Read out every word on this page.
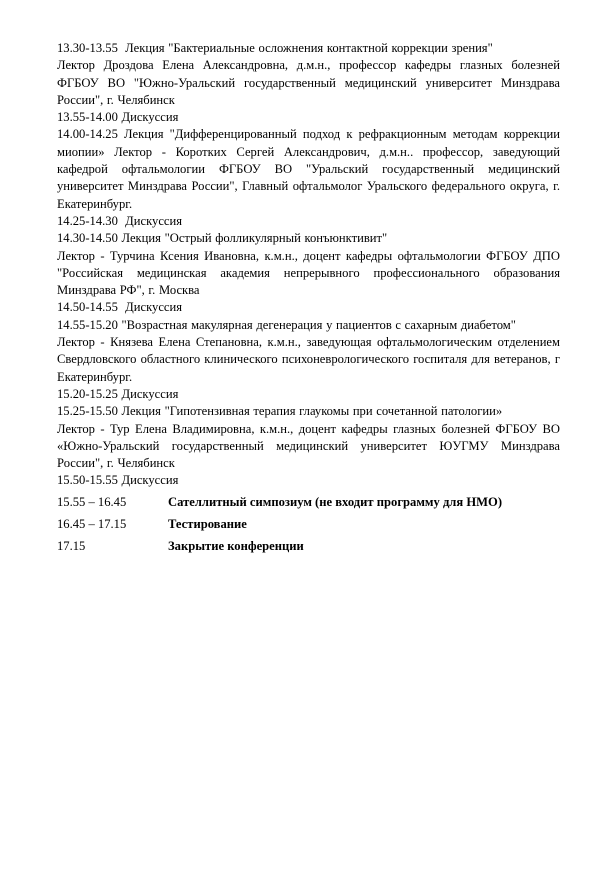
13.30-13.55  Лекция "Бактериальные осложнения контактной коррекции зрения"

Лектор Дроздова Елена Александровна, д.м.н., профессор кафедры глазных болезней ФГБОУ ВО "Южно-Уральский государственный медицинский университет Минздрава России", г. Челябинск

13.55-14.00 Дискуссия

14.00-14.25 Лекция "Дифференцированный подход к рефракционным методам коррекции миопии» Лектор - Коротких Сергей Александрович, д.м.н.. профессор, заведующий кафедрой офтальмологии ФГБОУ ВО "Уральский государственный медицинский университет Минздрава России", Главный офтальмолог Уральского федерального округа, г. Екатеринбург.

14.25-14.30  Дискуссия

14.30-14.50 Лекция "Острый фолликулярный конъюнктивит"

Лектор - Турчина Ксения Ивановна, к.м.н., доцент кафедры офтальмологии ФГБОУ ДПО "Российская медицинская академия непрерывного профессионального образования Минздрава РФ", г. Москва

14.50-14.55  Дискуссия

14.55-15.20 "Возрастная макулярная дегенерация у пациентов с сахарным диабетом"

Лектор - Князева Елена Степановна, к.м.н., заведующая офтальмологическим отделением Свердловского областного клинического психоневрологического госпиталя для ветеранов, г Екатеринбург.

15.20-15.25 Дискуссия

15.25-15.50 Лекция "Гипотензивная терапия глаукомы при сочетанной патологии»

Лектор - Тур Елена Владимировна, к.м.н., доцент кафедры глазных болезней ФГБОУ ВО «Южно-Уральский государственный медицинский университет ЮУГМУ Минздрава России", г. Челябинск

15.50-15.55 Дискуссия

15.55 – 16.45	Сателлитный симпозиум (не входит программу для НМО)
16.45 – 17.15	Тестирование
17.15	Закрытие конференции
